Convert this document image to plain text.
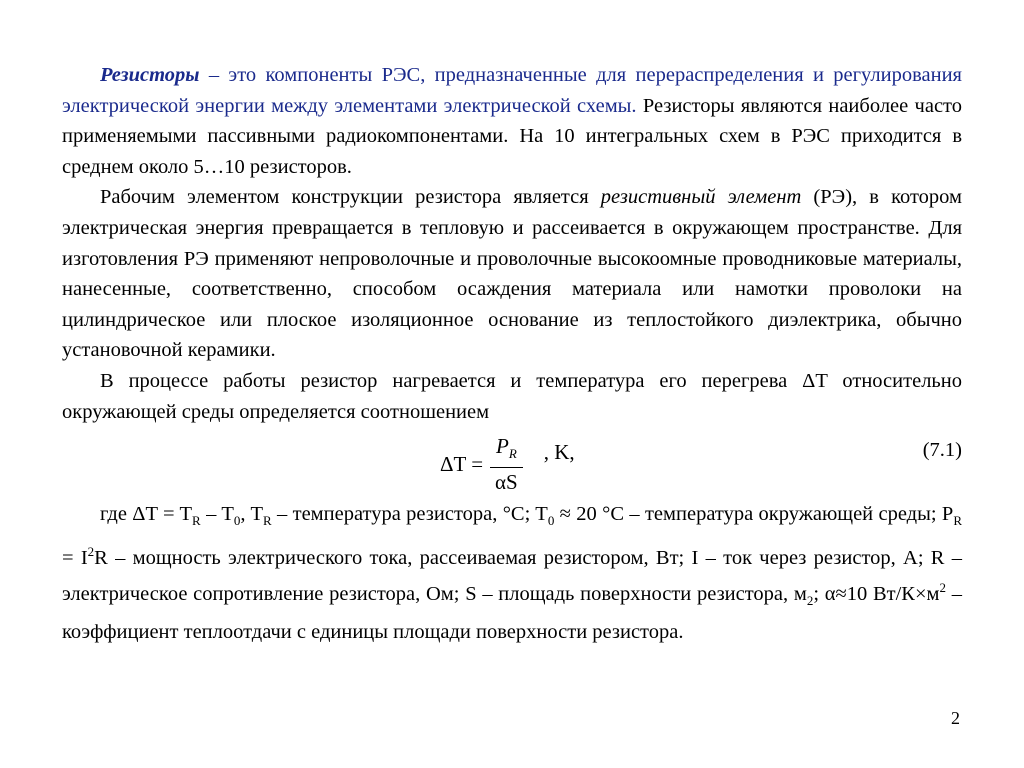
Резисторы – это компоненты РЭС, предназначенные для перераспределения и регулирования электрической энергии между элементами электрической схемы. Резисторы являются наиболее часто применяемыми пассивными радиокомпонентами. На 10 интегральных схем в РЭС приходится в среднем около 5…10 резисторов.

Рабочим элементом конструкции резистора является резистивный элемент (РЭ), в котором электрическая энергия превращается в тепловую и рассеивается в окружающем пространстве. Для изготовления РЭ применяют непроволочные и проволочные высокоомные проводниковые материалы, нанесенные, соответственно, способом осаждения материала или намотки проволоки на цилиндрическое или плоское изоляционное основание из теплостойкого диэлектрика, обычно установочной керамики.

В процессе работы резистор нагревается и температура его перегрева ΔT относительно окружающей среды определяется соотношением

$\Delta T = \frac{P_R}{\alpha S}$ , K,	(7.1)

где $\Delta T = T_R - T_0$, $T_R$ – температура резистора, °C; $T_0 \approx 20$ °C – температура окружающей среды; $P_R = I^2R$ – мощность электрического тока, рассеиваемая резистором, Вт; I – ток через резистор, А; R – электрическое сопротивление резистора, Ом; S – площадь поверхности резистора, $м_2$; α≈10 $Вт/К\times м^2$ – коэффициент теплоотдачи с единицы площади поверхности резистора.

2
